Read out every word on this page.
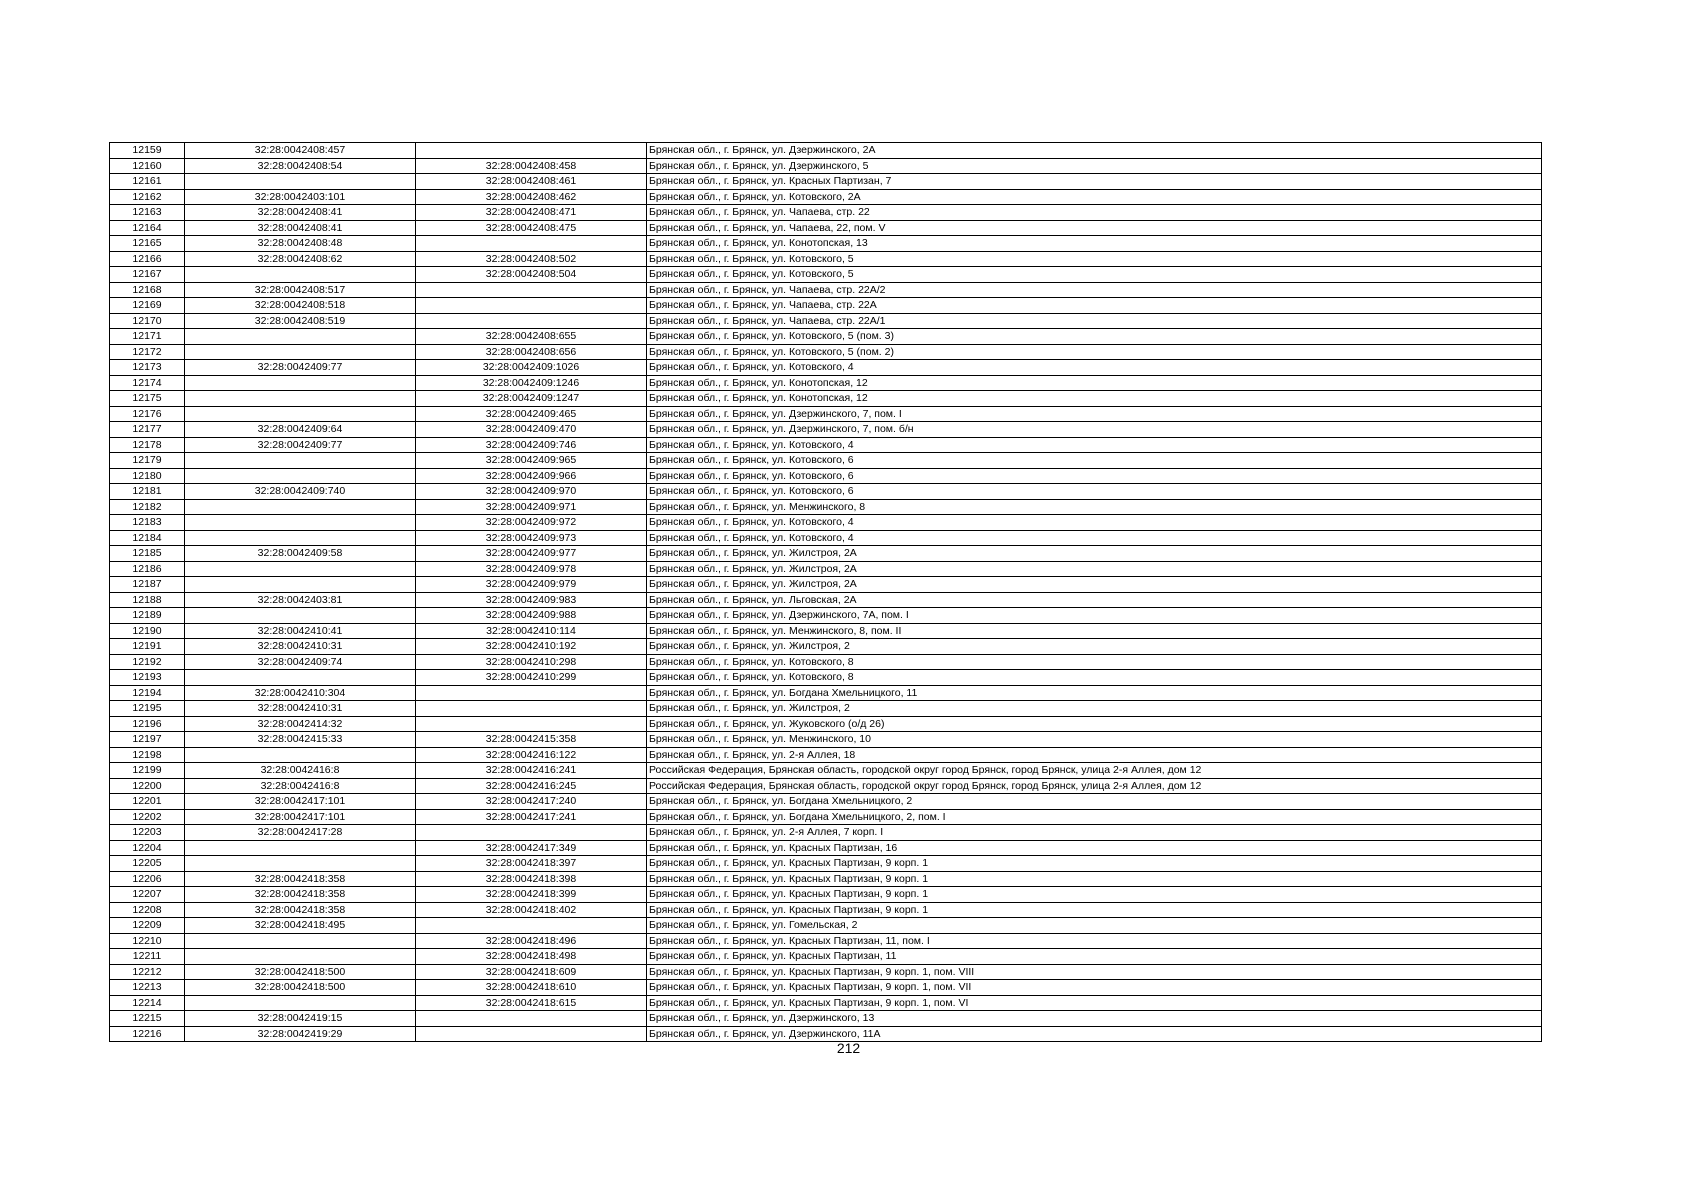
12159	32:28:0042408:457		Брянская обл., г. Брянск, ул. Дзержинского, 2А
12160	32:28:0042408:54	32:28:0042408:458	Брянская обл., г. Брянск, ул. Дзержинского, 5
12161		32:28:0042408:461	Брянская обл., г. Брянск, ул. Красных Партизан, 7
12162	32:28:0042403:101	32:28:0042408:462	Брянская обл., г. Брянск, ул. Котовского, 2А
12163	32:28:0042408:41	32:28:0042408:471	Брянская обл., г. Брянск, ул. Чапаева, стр. 22
12164	32:28:0042408:41	32:28:0042408:475	Брянская обл., г. Брянск, ул. Чапаева, 22, пом. V
12165	32:28:0042408:48		Брянская обл., г. Брянск, ул. Конотопская, 13
12166	32:28:0042408:62	32:28:0042408:502	Брянская обл., г. Брянск, ул. Котовского, 5
12167		32:28:0042408:504	Брянская обл., г. Брянск, ул. Котовского, 5
12168	32:28:0042408:517		Брянская обл., г. Брянск, ул. Чапаева, стр. 22А/2
12169	32:28:0042408:518		Брянская обл., г. Брянск, ул. Чапаева, стр. 22А
12170	32:28:0042408:519		Брянская обл., г. Брянск, ул. Чапаева, стр. 22А/1
12171		32:28:0042408:655	Брянская обл., г. Брянск, ул. Котовского, 5 (пом. 3)
12172		32:28:0042408:656	Брянская обл., г. Брянск, ул. Котовского, 5 (пом. 2)
12173	32:28:0042409:77	32:28:0042409:1026	Брянская обл., г. Брянск, ул. Котовского, 4
12174		32:28:0042409:1246	Брянская обл., г. Брянск, ул. Конотопская, 12
12175		32:28:0042409:1247	Брянская обл., г. Брянск, ул. Конотопская, 12
12176		32:28:0042409:465	Брянская обл., г. Брянск, ул. Дзержинского, 7, пом. I
12177	32:28:0042409:64	32:28:0042409:470	Брянская обл., г. Брянск, ул. Дзержинского, 7, пом. б/н
12178	32:28:0042409:77	32:28:0042409:746	Брянская обл., г. Брянск, ул. Котовского, 4
12179		32:28:0042409:965	Брянская обл., г. Брянск, ул. Котовского, 6
12180		32:28:0042409:966	Брянская обл., г. Брянск, ул. Котовского, 6
12181	32:28:0042409:740	32:28:0042409:970	Брянская обл., г. Брянск, ул. Котовского, 6
12182		32:28:0042409:971	Брянская обл., г. Брянск, ул. Менжинского, 8
12183		32:28:0042409:972	Брянская обл., г. Брянск, ул. Котовского, 4
12184		32:28:0042409:973	Брянская обл., г. Брянск, ул. Котовского, 4
12185	32:28:0042409:58	32:28:0042409:977	Брянская обл., г. Брянск, ул. Жилстроя, 2А
12186		32:28:0042409:978	Брянская обл., г. Брянск, ул. Жилстроя, 2А
12187		32:28:0042409:979	Брянская обл., г. Брянск, ул. Жилстроя, 2А
12188	32:28:0042403:81	32:28:0042409:983	Брянская обл., г. Брянск, ул. Льговская, 2А
12189		32:28:0042409:988	Брянская обл., г. Брянск, ул. Дзержинского, 7А, пом. I
12190	32:28:0042410:41	32:28:0042410:114	Брянская обл., г. Брянск, ул. Менжинского, 8, пом. II
12191	32:28:0042410:31	32:28:0042410:192	Брянская обл., г. Брянск, ул. Жилстроя, 2
12192	32:28:0042409:74	32:28:0042410:298	Брянская обл., г. Брянск, ул. Котовского, 8
12193		32:28:0042410:299	Брянская обл., г. Брянск, ул. Котовского, 8
12194	32:28:0042410:304		Брянская обл., г. Брянск, ул. Богдана Хмельницкого, 11
12195	32:28:0042410:31		Брянская обл., г. Брянск, ул. Жилстроя, 2
12196	32:28:0042414:32		Брянская обл., г. Брянск, ул. Жуковского (о/д 26)
12197	32:28:0042415:33	32:28:0042415:358	Брянская обл., г. Брянск, ул. Менжинского, 10
12198		32:28:0042416:122	Брянская обл., г. Брянск, ул. 2-я Аллея, 18
12199	32:28:0042416:8	32:28:0042416:241	Российская Федерация, Брянская область, городской округ город Брянск, город Брянск, улица 2-я Аллея, дом 12
12200	32:28:0042416:8	32:28:0042416:245	Российская Федерация, Брянская область, городской округ город Брянск, город Брянск, улица 2-я Аллея, дом 12
12201	32:28:0042417:101	32:28:0042417:240	Брянская обл., г. Брянск, ул. Богдана Хмельницкого, 2
12202	32:28:0042417:101	32:28:0042417:241	Брянская обл., г. Брянск, ул. Богдана Хмельницкого, 2, пом. I
12203	32:28:0042417:28		Брянская обл., г. Брянск, ул. 2-я Аллея, 7 корп. I
12204		32:28:0042417:349	Брянская обл., г. Брянск, ул. Красных Партизан, 16
12205		32:28:0042418:397	Брянская обл., г. Брянск, ул. Красных Партизан, 9 корп. 1
12206	32:28:0042418:358	32:28:0042418:398	Брянская обл., г. Брянск, ул. Красных Партизан, 9 корп. 1
12207	32:28:0042418:358	32:28:0042418:399	Брянская обл., г. Брянск, ул. Красных Партизан, 9 корп. 1
12208	32:28:0042418:358	32:28:0042418:402	Брянская обл., г. Брянск, ул. Красных Партизан, 9 корп. 1
12209	32:28:0042418:495		Брянская обл., г. Брянск, ул. Гомельская, 2
12210		32:28:0042418:496	Брянская обл., г. Брянск, ул. Красных Партизан, 11, пом. I
12211		32:28:0042418:498	Брянская обл., г. Брянск, ул. Красных Партизан, 11
12212	32:28:0042418:500	32:28:0042418:609	Брянская обл., г. Брянск, ул. Красных Партизан, 9 корп. 1, пом. VIII
12213	32:28:0042418:500	32:28:0042418:610	Брянская обл., г. Брянск, ул. Красных Партизан, 9 корп. 1, пом. VII
12214		32:28:0042418:615	Брянская обл., г. Брянск, ул. Красных Партизан, 9 корп. 1, пом. VI
12215	32:28:0042419:15		Брянская обл., г. Брянск, ул. Дзержинского, 13
12216	32:28:0042419:29		Брянская обл., г. Брянск, ул. Дзержинского, 11А
212
